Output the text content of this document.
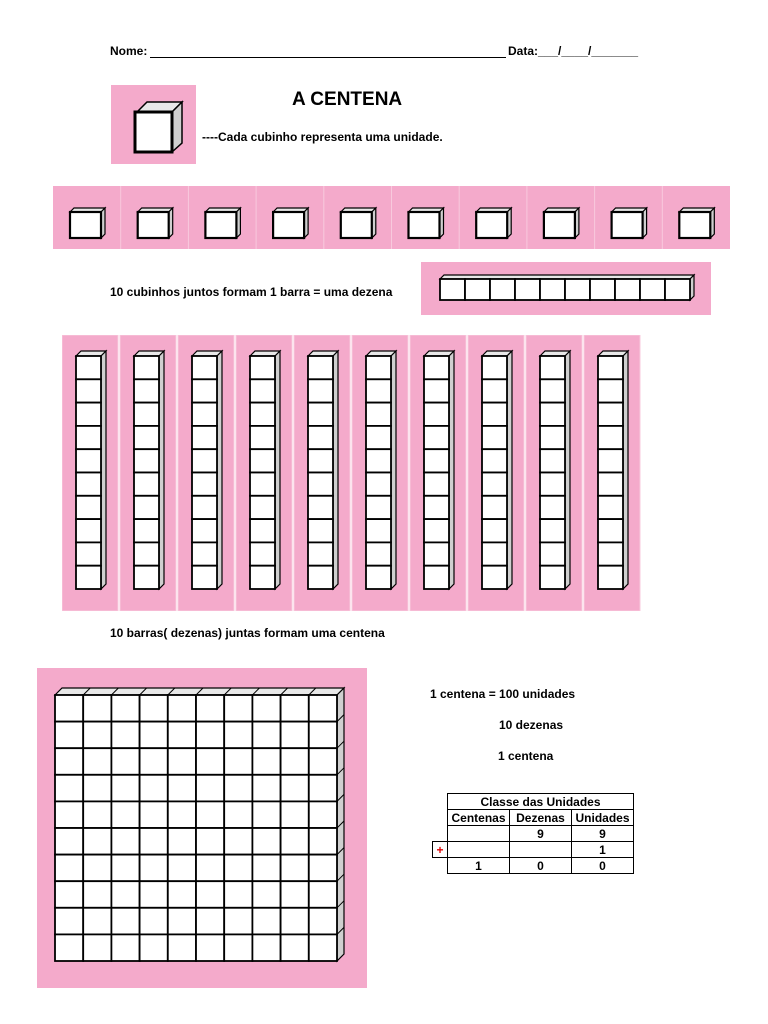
Nome:	Data:___/____/_______
A CENTENA
----Cada cubinho representa uma unidade.
10 cubinhos juntos formam 1 barra = uma dezena
10 barras( dezenas) juntas formam uma centena
1 centena = 100 unidades
10 dezenas
1 centena
	Classe das Unidades		
	Centenas	Dezenas	Unidades
		9	9
+			1
	1	0	0
